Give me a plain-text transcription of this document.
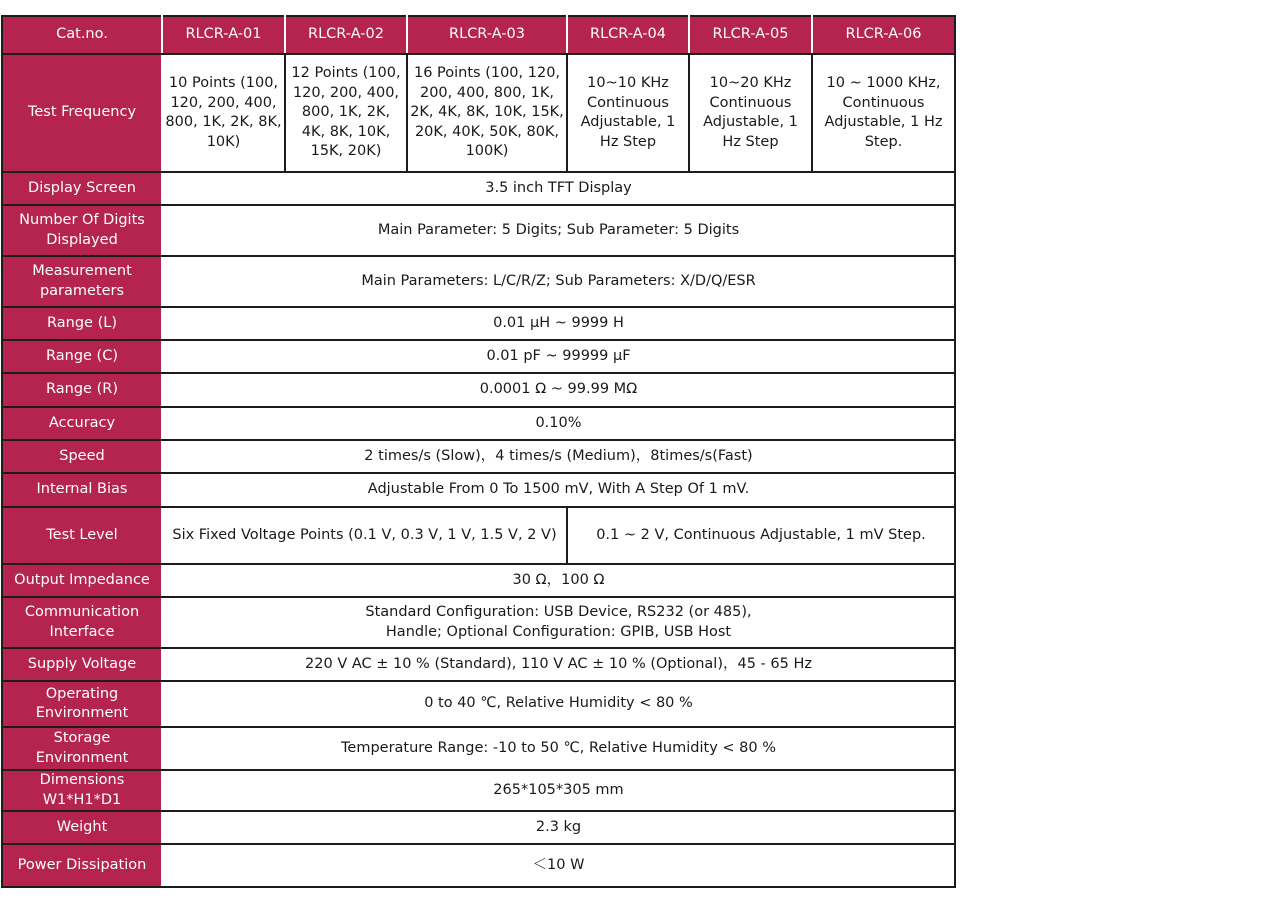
Cat.no.	RLCR-A-01	RLCR-A-02	RLCR-A-03	RLCR-A-04	RLCR-A-05	RLCR-A-06
Test Frequency	10 Points (100, 120, 200, 400, 800, 1K, 2K, 8K, 10K)	12 Points (100, 120, 200, 400, 800, 1K, 2K, 4K, 8K, 10K, 15K, 20K)	16 Points (100, 120, 200, 400, 800, 1K, 2K, 4K, 8K, 10K, 15K, 20K, 40K, 50K, 80K, 100K)	10~10 KHz Continuous Adjustable, 1 Hz Step	10~20 KHz Continuous Adjustable, 1 Hz Step	10 ~ 1000 KHz, Continuous Adjustable, 1 Hz Step.
Display Screen	3.5 inch TFT Display					
Number Of Digits Displayed	Main Parameter: 5 Digits; Sub Parameter: 5 Digits					
Measurement parameters	Main Parameters: L/C/R/Z; Sub Parameters: X/D/Q/ESR					
Range (L)	0.01 μH ~ 9999 H					
Range (C)	0.01 pF ~ 99999 μF					
Range (R)	0.0001 Ω ~ 99.99 MΩ					
Accuracy	0.10%					
Speed	2 times/s (Slow)，4 times/s (Medium)，8times/s(Fast)					
Internal Bias	Adjustable From 0 To 1500 mV, With A Step Of 1 mV.					
Test Level	Six Fixed Voltage Points (0.1 V, 0.3 V, 1 V, 1.5 V, 2 V)			0.1 ~ 2 V, Continuous Adjustable, 1 mV Step.		
Output Impedance	30 Ω，100 Ω					
Communication Interface	Standard Configuration: USB Device, RS232 (or 485),
Handle; Optional Configuration: GPIB, USB Host					

Supply Voltage	220 V AC ± 10 % (Standard), 110 V AC ± 10 % (Optional)，45 - 65 Hz					
Operating Environment	0 to 40 ℃, Relative Humidity < 80 %					
Storage Environment	Temperature Range: -10 to 50 ℃, Relative Humidity < 80 %					
Dimensions W1*H1*D1	265*105*305 mm					
Weight	2.3 kg					
Power Dissipation	＜10 W					
